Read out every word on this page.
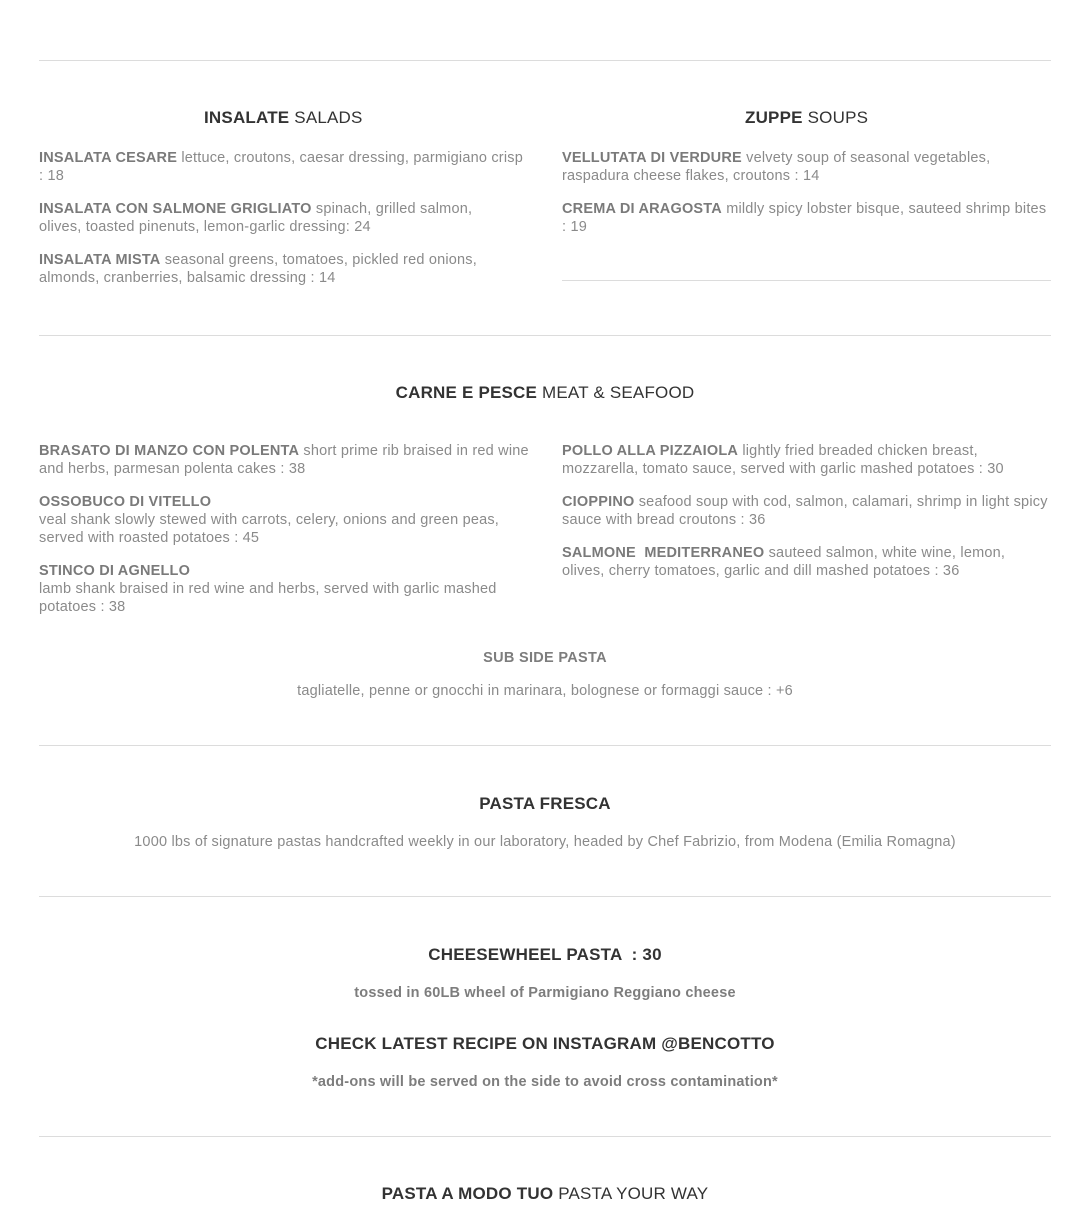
INSALATE SALADS
INSALATA CESARE lettuce, croutons, caesar dressing, parmigiano crisp : 18
INSALATA CON SALMONE GRIGLIATO spinach, grilled salmon, olives, toasted pinenuts, lemon-garlic dressing: 24
INSALATA MISTA seasonal greens, tomatoes, pickled red onions, almonds, cranberries, balsamic dressing : 14
ZUPPE SOUPS
VELLUTATA DI VERDURE velvety soup of seasonal vegetables, raspadura cheese flakes, croutons : 14
CREMA DI ARAGOSTA mildly spicy lobster bisque, sauteed shrimp bites : 19
CARNE E PESCE MEAT & SEAFOOD
BRASATO DI MANZO CON POLENTA short prime rib braised in red wine and herbs, parmesan polenta cakes : 38
OSSOBUCO DI VITELLO
veal shank slowly stewed with carrots, celery, onions and green peas, served with roasted potatoes : 45
STINCO DI AGNELLO
lamb shank braised in red wine and herbs, served with garlic mashed potatoes : 38
POLLO ALLA PIZZAIOLA lightly fried breaded chicken breast, mozzarella, tomato sauce, served with garlic mashed potatoes : 30
CIOPPINO seafood soup with cod, salmon, calamari, shrimp in light spicy sauce with bread croutons : 36
SALMONE  MEDITERRANEO sauteed salmon, white wine, lemon, olives, cherry tomatoes, garlic and dill mashed potatoes : 36
SUB SIDE PASTA
tagliatelle, penne or gnocchi in marinara, bolognese or formaggi sauce : +6
PASTA FRESCA
1000 lbs of signature pastas handcrafted weekly in our laboratory, headed by Chef Fabrizio, from Modena (Emilia Romagna)
CHEESEWHEEL PASTA  : 30
tossed in 60LB wheel of Parmigiano Reggiano cheese
CHECK LATEST RECIPE ON INSTAGRAM @BENCOTTO
*add-ons will be served on the side to avoid cross contamination*
PASTA A MODO TUO PASTA YOUR WAY
